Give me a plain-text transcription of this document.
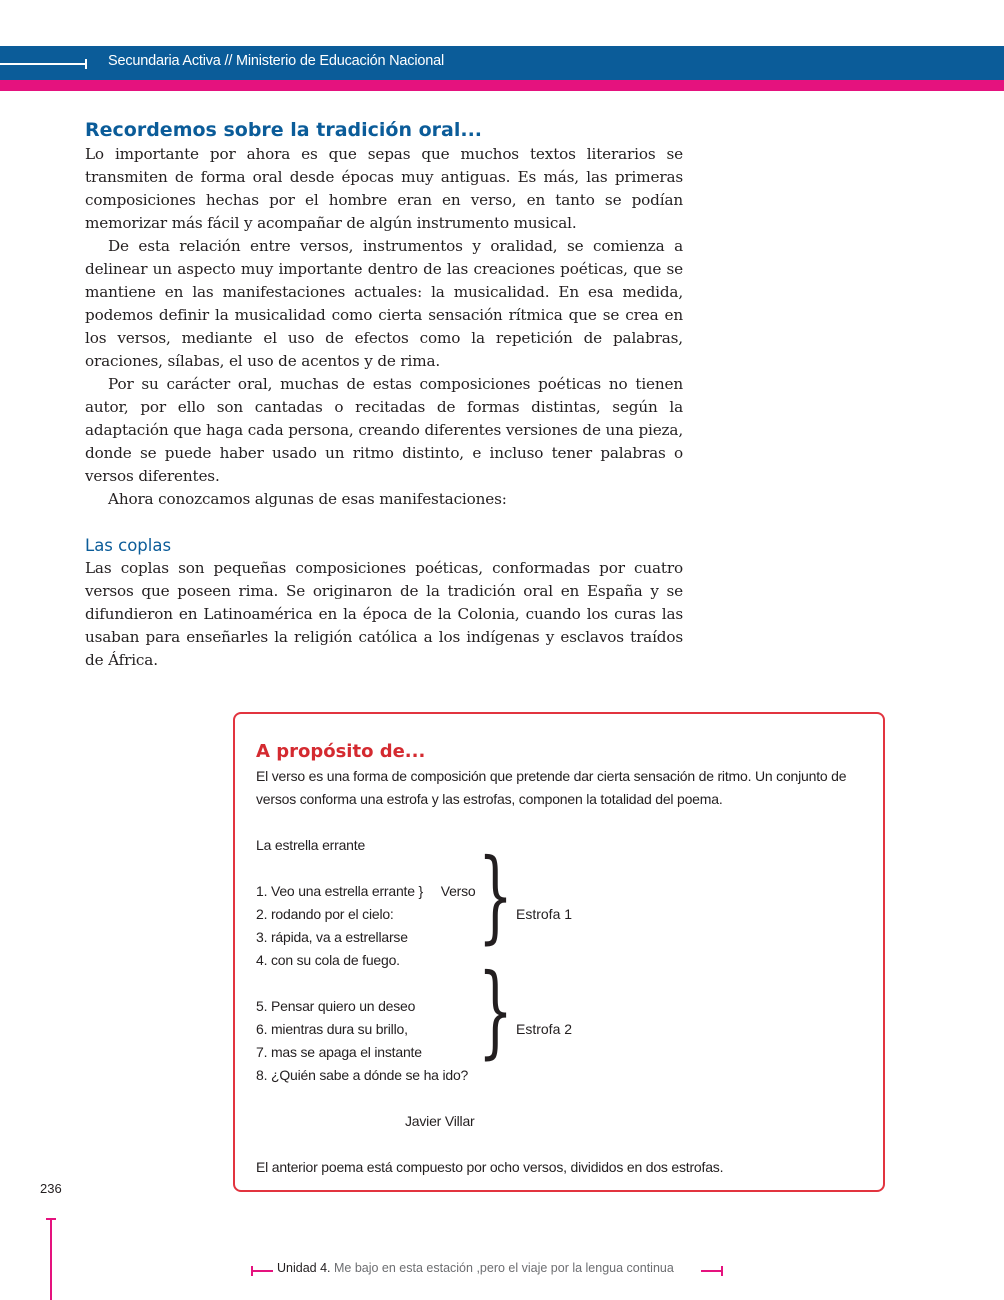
Secundaria Activa // Ministerio de Educación Nacional
Recordemos sobre la tradición oral...

Lo importante por ahora es que sepas que muchos textos literarios se transmiten de forma oral desde épocas muy antiguas. Es más, las primeras composiciones hechas por el hombre eran en verso, en tanto se podían memorizar más fácil y acompañar de algún instrumento musical.

De esta relación entre versos, instrumentos y oralidad, se comienza a delinear un aspecto muy importante dentro de las creaciones poéticas, que se mantiene en las manifestaciones actuales: la musicalidad. En esa medida, podemos definir la musicalidad como cierta sensación rítmica que se crea en los versos, mediante el uso de efectos como la repetición de palabras, oraciones, sílabas, el uso de acentos y de rima.

Por su carácter oral, muchas de estas composiciones poéticas no tienen autor, por ello son cantadas o recitadas de formas distintas, según la adaptación que haga cada persona, creando diferentes versiones de una pieza, donde se puede haber usado un ritmo distinto, e incluso tener palabras o versos diferentes.

Ahora conozcamos algunas de esas manifestaciones:

Las coplas

Las coplas son pequeñas composiciones poéticas, conformadas por cuatro versos que poseen rima. Se originaron de la tradición oral en España y se difundieron en Latinoamérica en la época de la Colonia, cuando los curas las usaban para enseñarles la religión católica a los indígenas y esclavos traídos de África.

A propósito de...
El verso es una forma de composición que pretende dar cierta sensación de ritmo. Un conjunto de
versos conforma una estrofa y las estrofas, componen la totalidad del poema.
La estrella errante
1. Veo una estrella errante } Verso
2. rodando por el cielo:
3. rápida, va a estrellarse
4. con su cola de fuego.
} Estrofa 1
5. Pensar quiero un deseo
6. mientras dura su brillo,
7. mas se apaga el instante
8. ¿Quién sabe a dónde se ha ido?
} Estrofa 2
Javier Villar
El anterior poema está compuesto por ocho versos, divididos en dos estrofas.
236
Unidad 4. Me bajo en esta estación ,pero el viaje por la lengua continua
